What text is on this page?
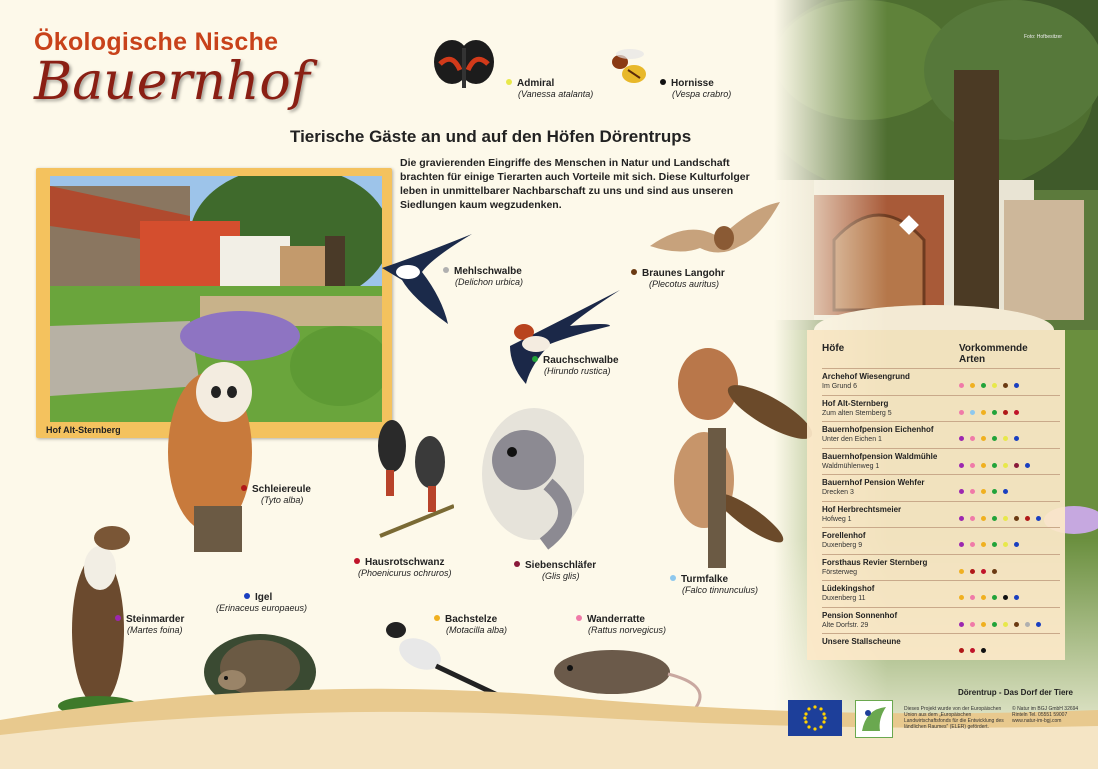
Foto: Hofbesitzer
Ökologische Nische
Bauernhof
Tierische Gäste an und auf den Höfen Dörentrups
Die gravierenden Eingriffe des Menschen in Natur und Landschaft brachten für einige Tierarten auch Vorteile mit sich. Diese Kulturfolger leben in unmittelbarer Nachbarschaft zu uns und sind aus unseren Siedlungen kaum wegzudenken.
Hof Alt-Sternberg
Admiral
(Vanessa atalanta)
Hornisse
(Vespa crabro)
Mehlschwalbe
(Delichon urbica)
Braunes Langohr
(Plecotus auritus)
Rauchschwalbe
(Hirundo rustica)
Schleiereule
(Tyto alba)
Hausrotschwanz
(Phoenicurus ochruros)
Siebenschläfer
(Glis glis)	Turmfalke
(Falco tinnunculus)
Steinmarder
(Martes foina)
Igel
(Erinaceus europaeus)
Bachstelze
(Motacilla alba)
Wanderratte
(Rattus norvegicus)
Höfe	Vorkommende Arten
Archehof Wiesengrund
Im Grund 6
Hof Alt-Sternberg
Zum alten Sternberg 5
Bauernhofpension Eichenhof
Unter den Eichen 1
Bauernhofpension Waldmühle
Waldmühlenweg 1
Bauernhof Pension Wehfer
Drecken 3
Hof Herbrechtsmeier
Hofweg 1
Forellenhof
Duxenberg 9
Forsthaus Revier Sternberg
Försterweg
Lüdekingshof
Duxenberg 11
Pension Sonnenhof
Alte Dorfstr. 29
Unsere Stallscheune
Dörentrup - Das Dorf der Tiere
Dieses Projekt wurde von der Europäischen Union aus dem „Europäischen Landwirtschaftsfonds für die Entwicklung des ländlichen Raumes" (ELER) gefördert.
© Natur im BGJ GmbH 32694 Rinteln Tel. 05551 59007 www.natur-im-bgj.com
